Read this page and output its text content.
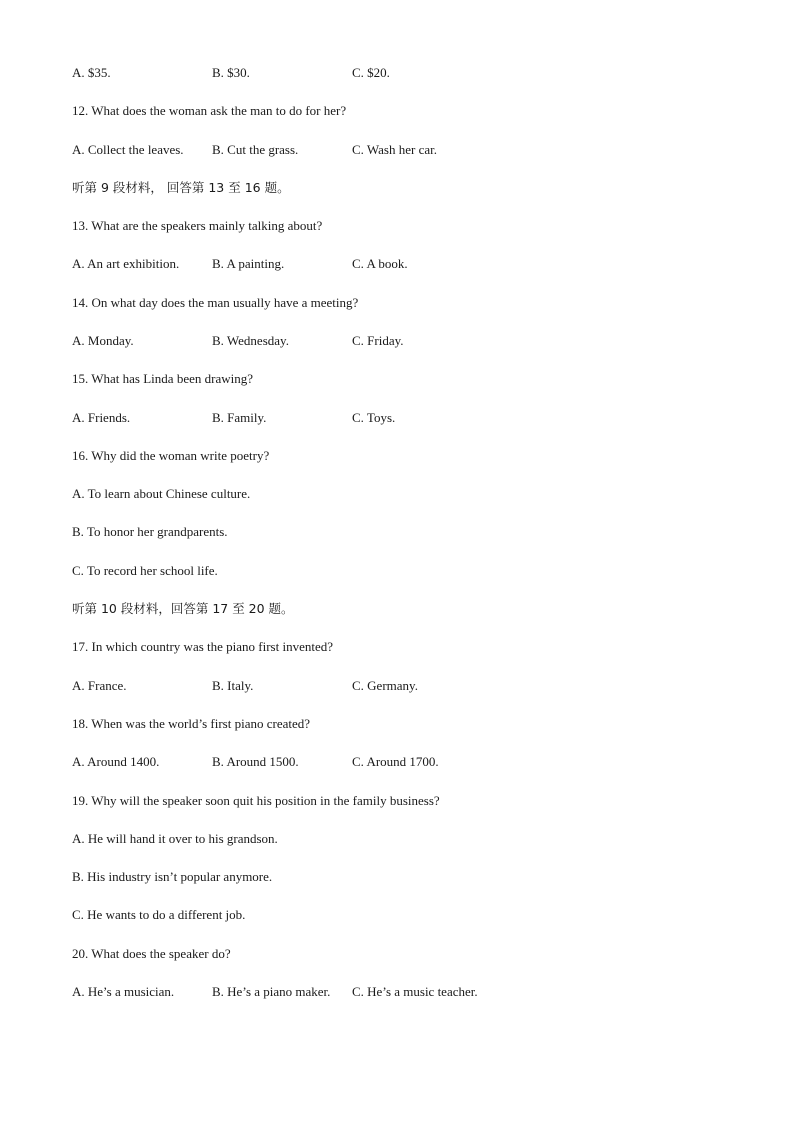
A. $35.	B. $30.	C. $20.
12. What does the woman ask the man to do for her?
A. Collect the leaves. B. Cut the grass.	C. Wash her car.
听第 9 段材料， 回答第 13 至 16 题。
13. What are the speakers mainly talking about?
A. An art exhibition.	B. A painting.	C. A book.
14. On what day does the man usually have a meeting?
A. Monday.	B. Wednesday.	C. Friday.
15. What has Linda been drawing?
A. Friends.	B. Family.	C. Toys.
16. Why did the woman write poetry?
A. To learn about Chinese culture.
B. To honor her grandparents.
C. To record her school life.
听第 10 段材料，回答第 17 至 20 题。
17. In which country was the piano first invented?
A. France.	B. Italy.	C. Germany.
18. When was the world’s first piano created?
A. Around 1400.	B. Around 1500.	C. Around 1700.
19. Why will the speaker soon quit his position in the family business?
A. He will hand it over to his grandson.
B. His industry isn’t popular anymore.
C. He wants to do a different job.
20. What does the speaker do?
A. He’s a musician.	B. He’s a piano maker. C. He’s a music teacher.
